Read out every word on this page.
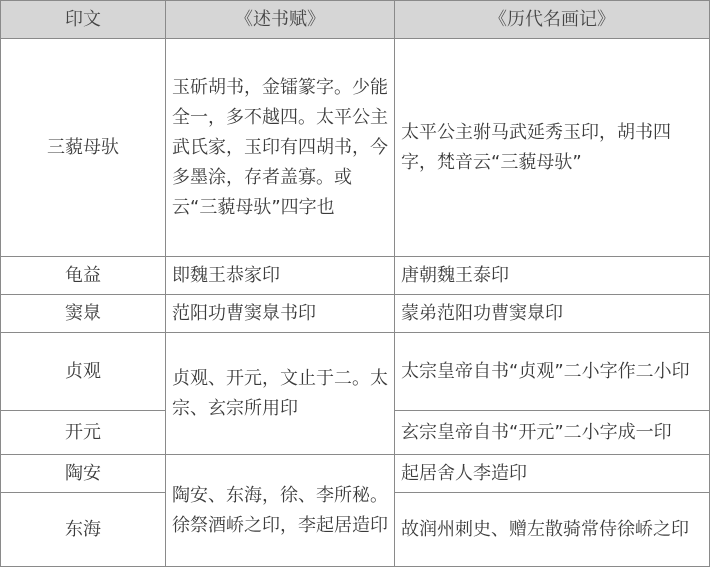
印文	《述书赋》	《历代名画记》
三藐母驮	玉斫胡书，金镭篆字。少能全一，多不越四。太平公主武氏家，玉印有四胡书，今多墨涂，存者盖寡。或云“三藐母驮”四字也	太平公主驸马武延秀玉印，胡书四字，梵音云“三藐母驮”
龟益	即魏王恭家印	唐朝魏王泰印
窦臮	范阳功曹窦臮书印	蒙弟范阳功曹窦臮印
贞观	贞观、开元，文止于二。太宗、玄宗所用印	太宗皇帝自书“贞观”二小字作二小印
开元		玄宗皇帝自书“开元”二小字成一印
陶安	陶安、东海，徐、李所秘。徐祭酒峤之印，李起居造印	起居舍人李造印
东海		故润州刺史、赠左散骑常侍徐峤之印
